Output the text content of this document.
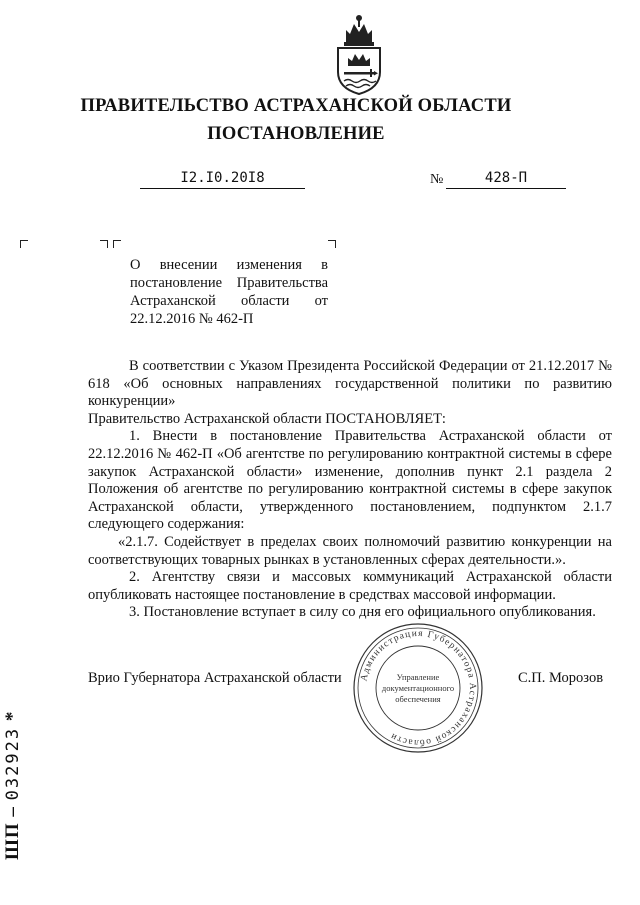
ПРАВИТЕЛЬСТВО АСТРАХАНСКОЙ ОБЛАСТИ
ПОСТАНОВЛЕНИЕ
I2.I0.20I8	№	428-П
О внесении изменения в постановление Правительства Астраханской области от 22.12.2016 № 462-П

В соответствии с Указом Президента Российской Федерации от 21.12.2017 № 618 «Об основных направлениях государственной политики по развитию конкуренции»

Правительство Астраханской области ПОСТАНОВЛЯЕТ:

1. Внести в постановление Правительства Астраханской области от 22.12.2016 № 462-П «Об агентстве по регулированию контрактной системы в сфере закупок Астраханской области» изменение, дополнив пункт 2.1 раздела 2 Положения об агентстве по регулированию контрактной системы в сфере закупок Астраханской области, утвержденного постановлением, подпунктом 2.1.7 следующего содержания:

«2.1.7. Содействует в пределах своих полномочий развитию конкуренции на соответствующих товарных рынках в установленных сферах деятельности.».

2. Агентству связи и массовых коммуникаций Астраханской области опубликовать настоящее постановление в средствах массовой информации.

3. Постановление вступает в силу со дня его официального опубликования.

Врио Губернатора Астраханской области	С.П. Морозов
Администрация Губернатора Астраханской области
Управление
документационного
обеспечения
ШП – 032923 *
